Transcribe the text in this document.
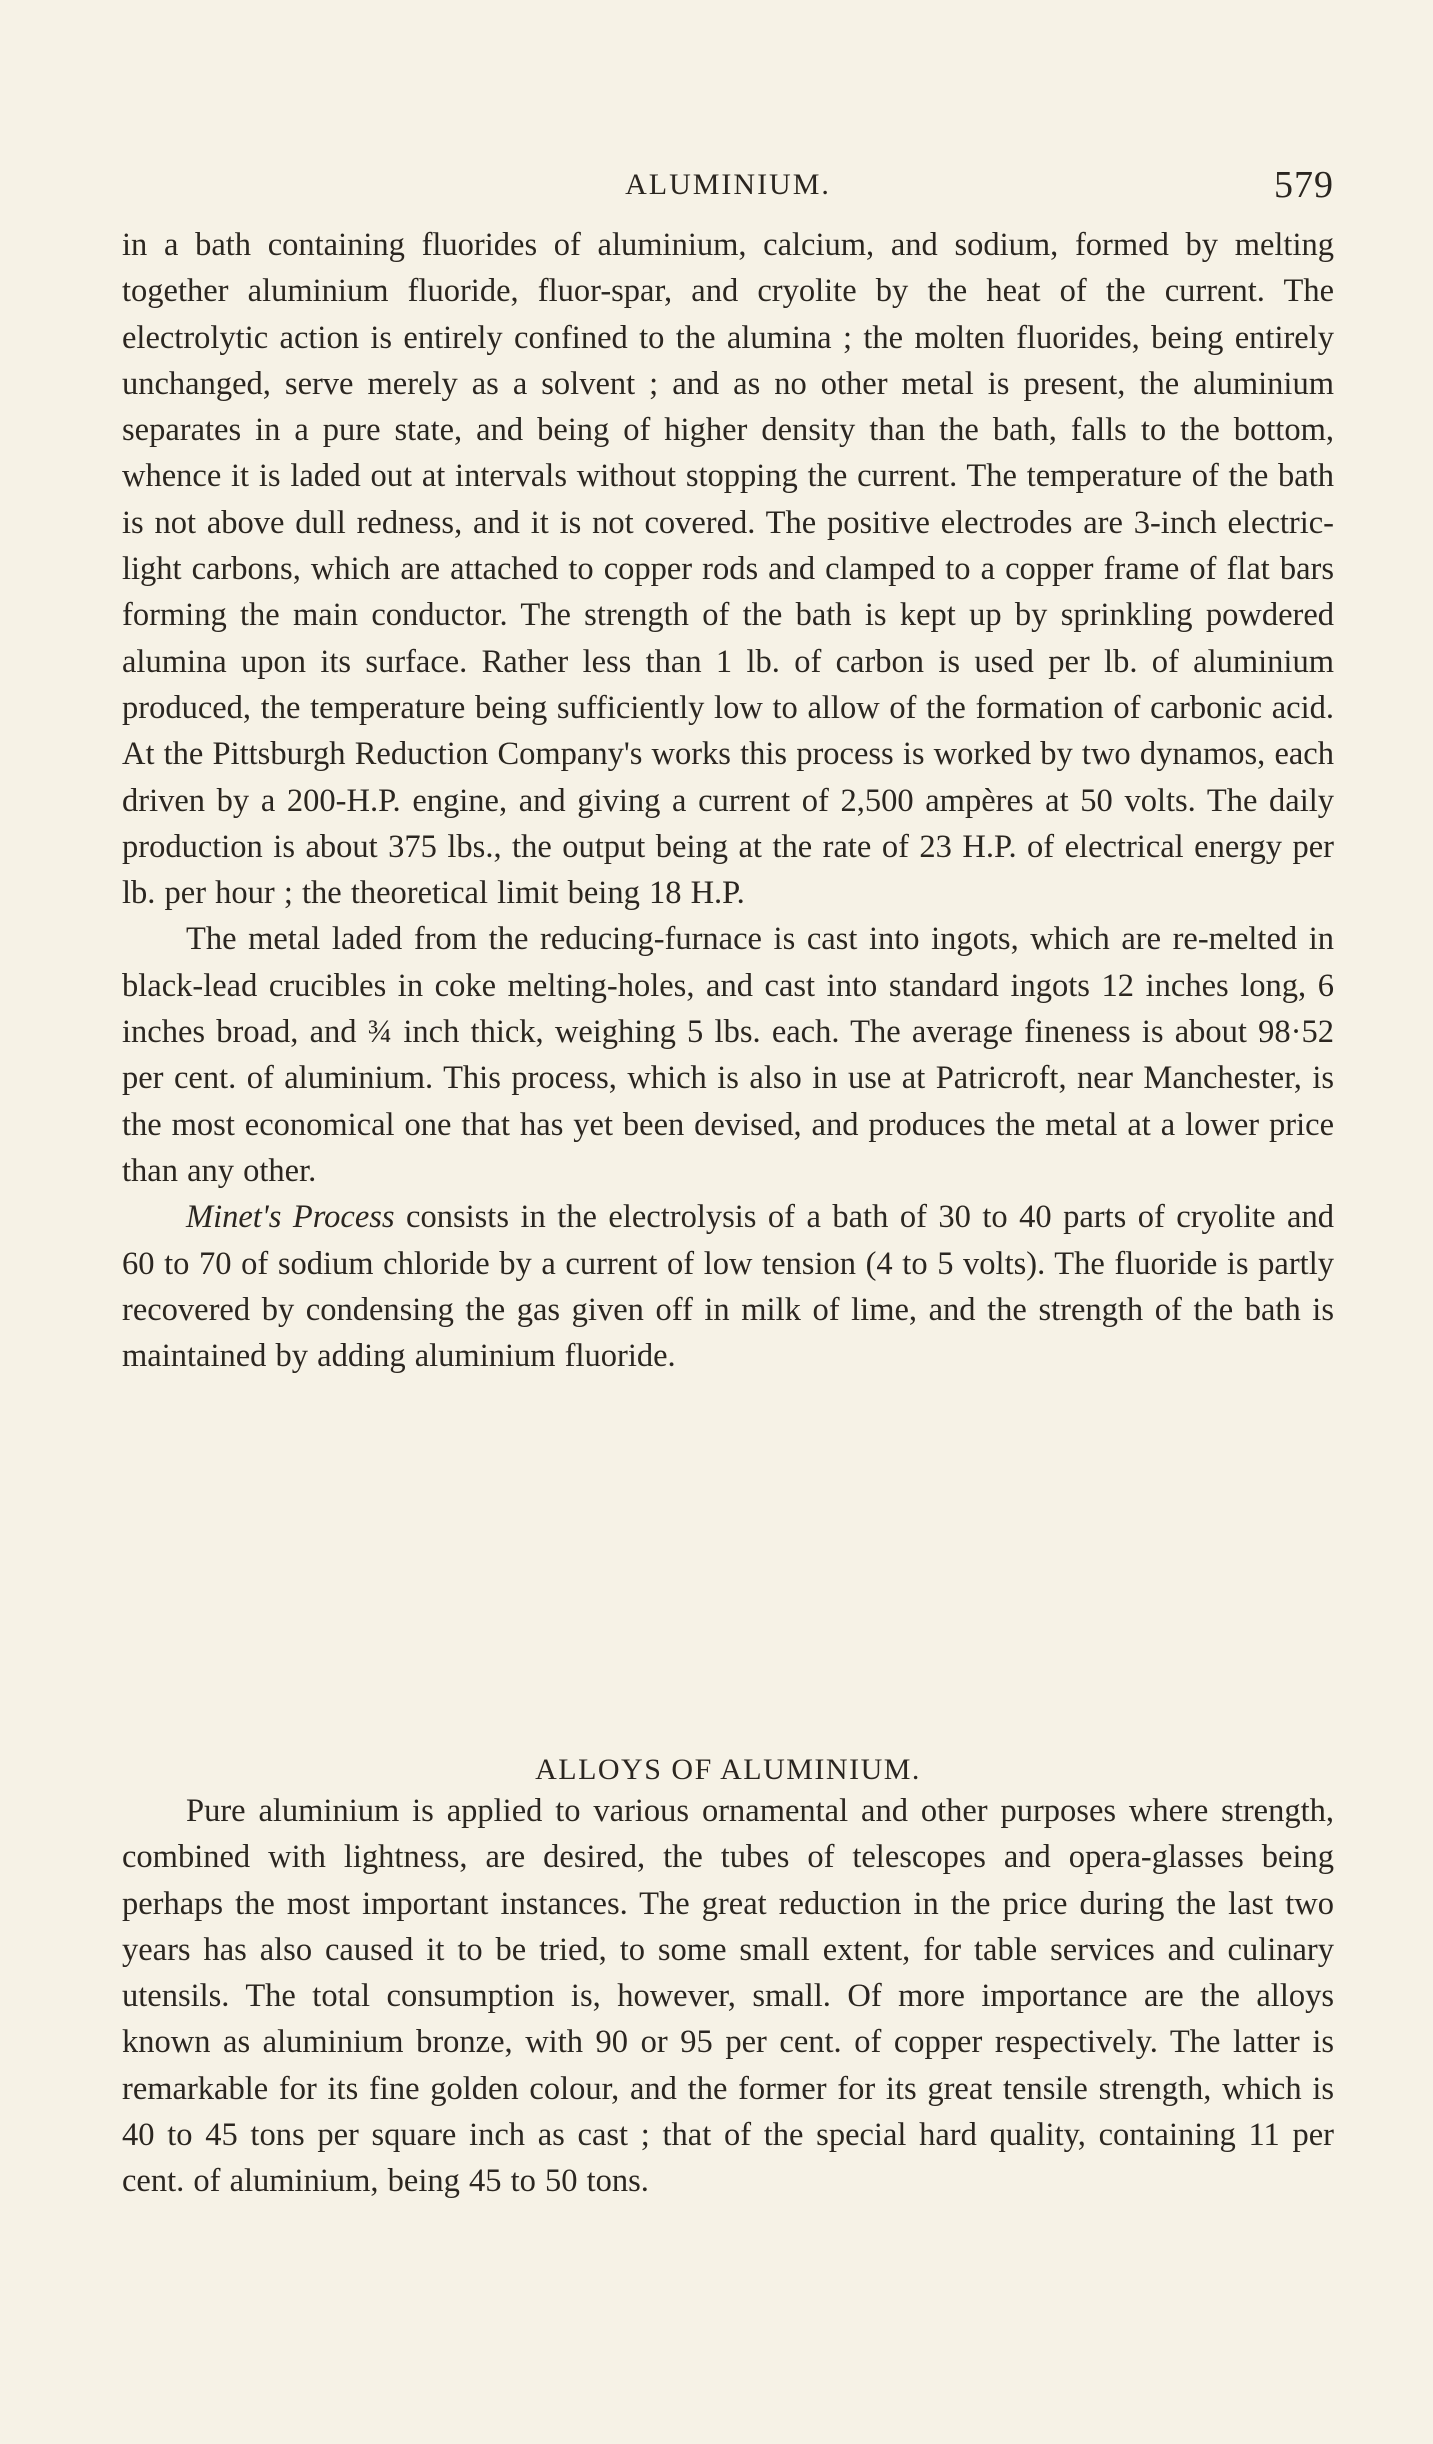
ALUMINIUM.	579

in a bath containing fluorides of aluminium, calcium, and sodium, formed by melting together aluminium fluoride, fluor-spar, and cryolite by the heat of the current. The electrolytic action is entirely confined to the alumina ; the molten fluorides, being entirely unchanged, serve merely as a solvent ; and as no other metal is present, the aluminium separates in a pure state, and being of higher density than the bath, falls to the bottom, whence it is laded out at intervals without stopping the current. The temperature of the bath is not above dull redness, and it is not covered. The positive electrodes are 3-inch electric-light carbons, which are attached to copper rods and clamped to a copper frame of flat bars forming the main conductor. The strength of the bath is kept up by sprinkling powdered alumina upon its surface. Rather less than 1 lb. of carbon is used per lb. of aluminium produced, the temperature being sufficiently low to allow of the formation of carbonic acid. At the Pittsburgh Reduction Company's works this process is worked by two dynamos, each driven by a 200-H.P. engine, and giving a current of 2,500 ampères at 50 volts. The daily production is about 375 lbs., the output being at the rate of 23 H.P. of electrical energy per lb. per hour ; the theoretical limit being 18 H.P.

The metal laded from the reducing-furnace is cast into ingots, which are re-melted in black-lead crucibles in coke melting-holes, and cast into standard ingots 12 inches long, 6 inches broad, and ¾ inch thick, weighing 5 lbs. each. The average fineness is about 98·52 per cent. of aluminium. This process, which is also in use at Patricroft, near Manchester, is the most economical one that has yet been devised, and produces the metal at a lower price than any other.

Minet's Process consists in the electrolysis of a bath of 30 to 40 parts of cryolite and 60 to 70 of sodium chloride by a current of low tension (4 to 5 volts). The fluoride is partly recovered by condensing the gas given off in milk of lime, and the strength of the bath is maintained by adding aluminium fluoride.

ALLOYS OF ALUMINIUM.

Pure aluminium is applied to various ornamental and other purposes where strength, combined with lightness, are desired, the tubes of telescopes and opera-glasses being perhaps the most important instances. The great reduction in the price during the last two years has also caused it to be tried, to some small extent, for table services and culinary utensils. The total consumption is, however, small. Of more importance are the alloys known as aluminium bronze, with 90 or 95 per cent. of copper respectively. The latter is remarkable for its fine golden colour, and the former for its great tensile strength, which is 40 to 45 tons per square inch as cast ; that of the special hard quality, containing 11 per cent. of aluminium, being 45 to 50 tons.
